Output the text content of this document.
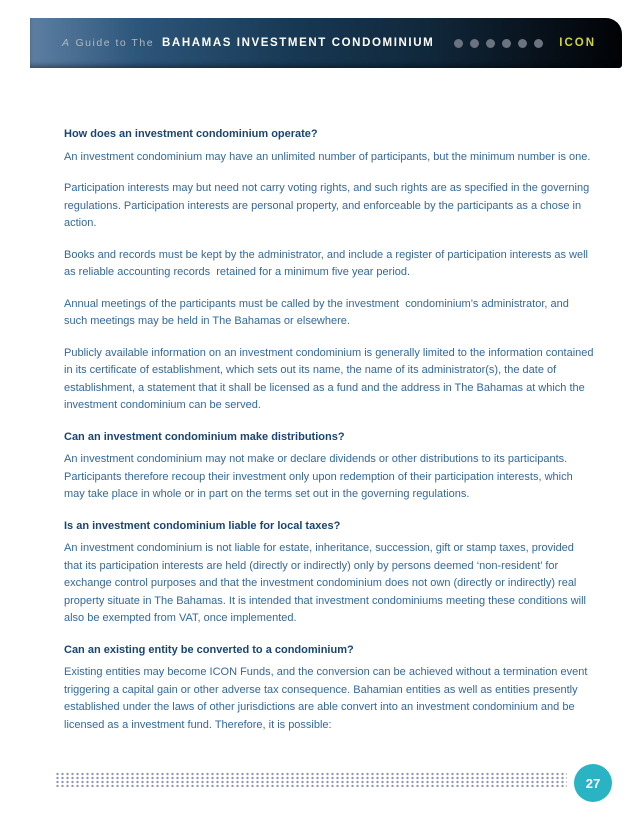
A Guide to The BAHAMAS INVESTMENT CONDOMINIUM	ICON
How does an investment condominium operate?

An investment condominium may have an unlimited number of participants, but the minimum number is one.

Participation interests may but need not carry voting rights, and such rights are as specified in the governing regulations. Participation interests are personal property, and enforceable by the participants as a chose in action.

Books and records must be kept by the administrator, and include a register of participation interests as well as reliable accounting records  retained for a minimum five year period.

Annual meetings of the participants must be called by the investment  condominium’s administrator, and such meetings may be held in The Bahamas or elsewhere.

Publicly available information on an investment condominium is generally limited to the information contained in its certificate of establishment, which sets out its name, the name of its administrator(s), the date of establishment, a statement that it shall be licensed as a fund and the address in The Bahamas at which the investment condominium can be served.

Can an investment condominium make distributions?

An investment condominium may not make or declare dividends or other distributions to its participants. Participants therefore recoup their investment only upon redemption of their participation interests, which may take place in whole or in part on the terms set out in the governing regulations.

Is an investment condominium liable for local taxes?

An investment condominium is not liable for estate, inheritance, succession, gift or stamp taxes, provided that its participation interests are held (directly or indirectly) only by persons deemed ‘non-resident’ for exchange control purposes and that the investment condominium does not own (directly or indirectly) real property situate in The Bahamas. It is intended that investment condominiums meeting these conditions will also be exempted from VAT, once implemented.

Can an existing entity be converted to a condominium?

Existing entities may become ICON Funds, and the conversion can be achieved without a termination event triggering a capital gain or other adverse tax consequence. Bahamian entities as well as entities presently established under the laws of other jurisdictions are able convert into an investment condominium and be licensed as a investment fund. Therefore, it is possible:

27
